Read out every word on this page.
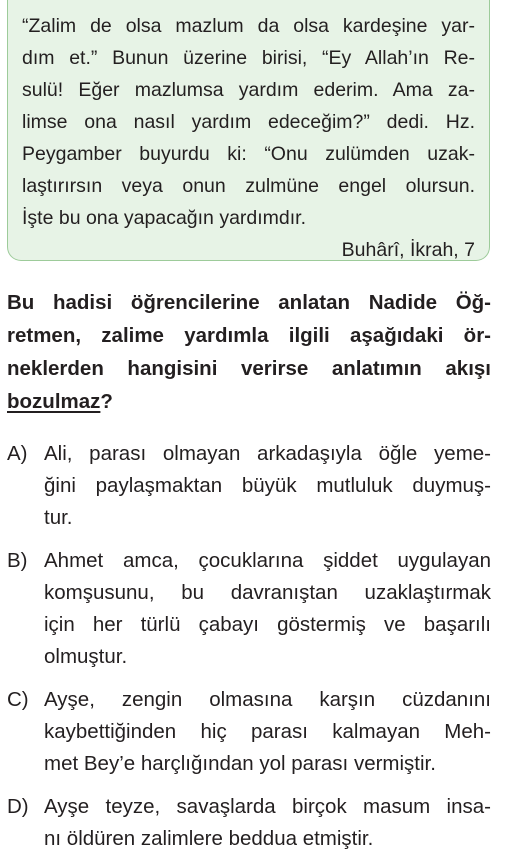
“Zalim de olsa mazlum da olsa kardeşine yar-
dım et.” Bunun üzerine birisi, “Ey Allah’ın Re-
sulü! Eğer mazlumsa yardım ederim. Ama za-
limse ona nasıl yardım edeceğim?” dedi. Hz.
Peygamber buyurdu ki: “Onu zulümden uzak-
laştırırsın veya onun zulmüne engel olursun.
İşte bu ona yapacağın yardımdır.
Buhârî, İkrah, 7
Bu hadisi öğrencilerine anlatan Nadide Öğ-
retmen, zalime yardımla ilgili aşağıdaki ör-
neklerden hangisini verirse anlatımın akışı
bozulmaz?
A) Ali, parası olmayan arkadaşıyla öğle yeme-
ğini paylaşmaktan büyük mutluluk duymuş-
tur.
B) Ahmet amca, çocuklarına şiddet uygulayan
komşusunu, bu davranıştan uzaklaştırmak
için her türlü çabayı göstermiş ve başarılı
olmuştur.
C) Ayşe, zengin olmasına karşın cüzdanını
kaybettiğinden hiç parası kalmayan Meh-
met Bey’e harçlığından yol parası vermiştir.
D) Ayşe teyze, savaşlarda birçok masum insa-
nı öldüren zalimlere beddua etmiştir.
